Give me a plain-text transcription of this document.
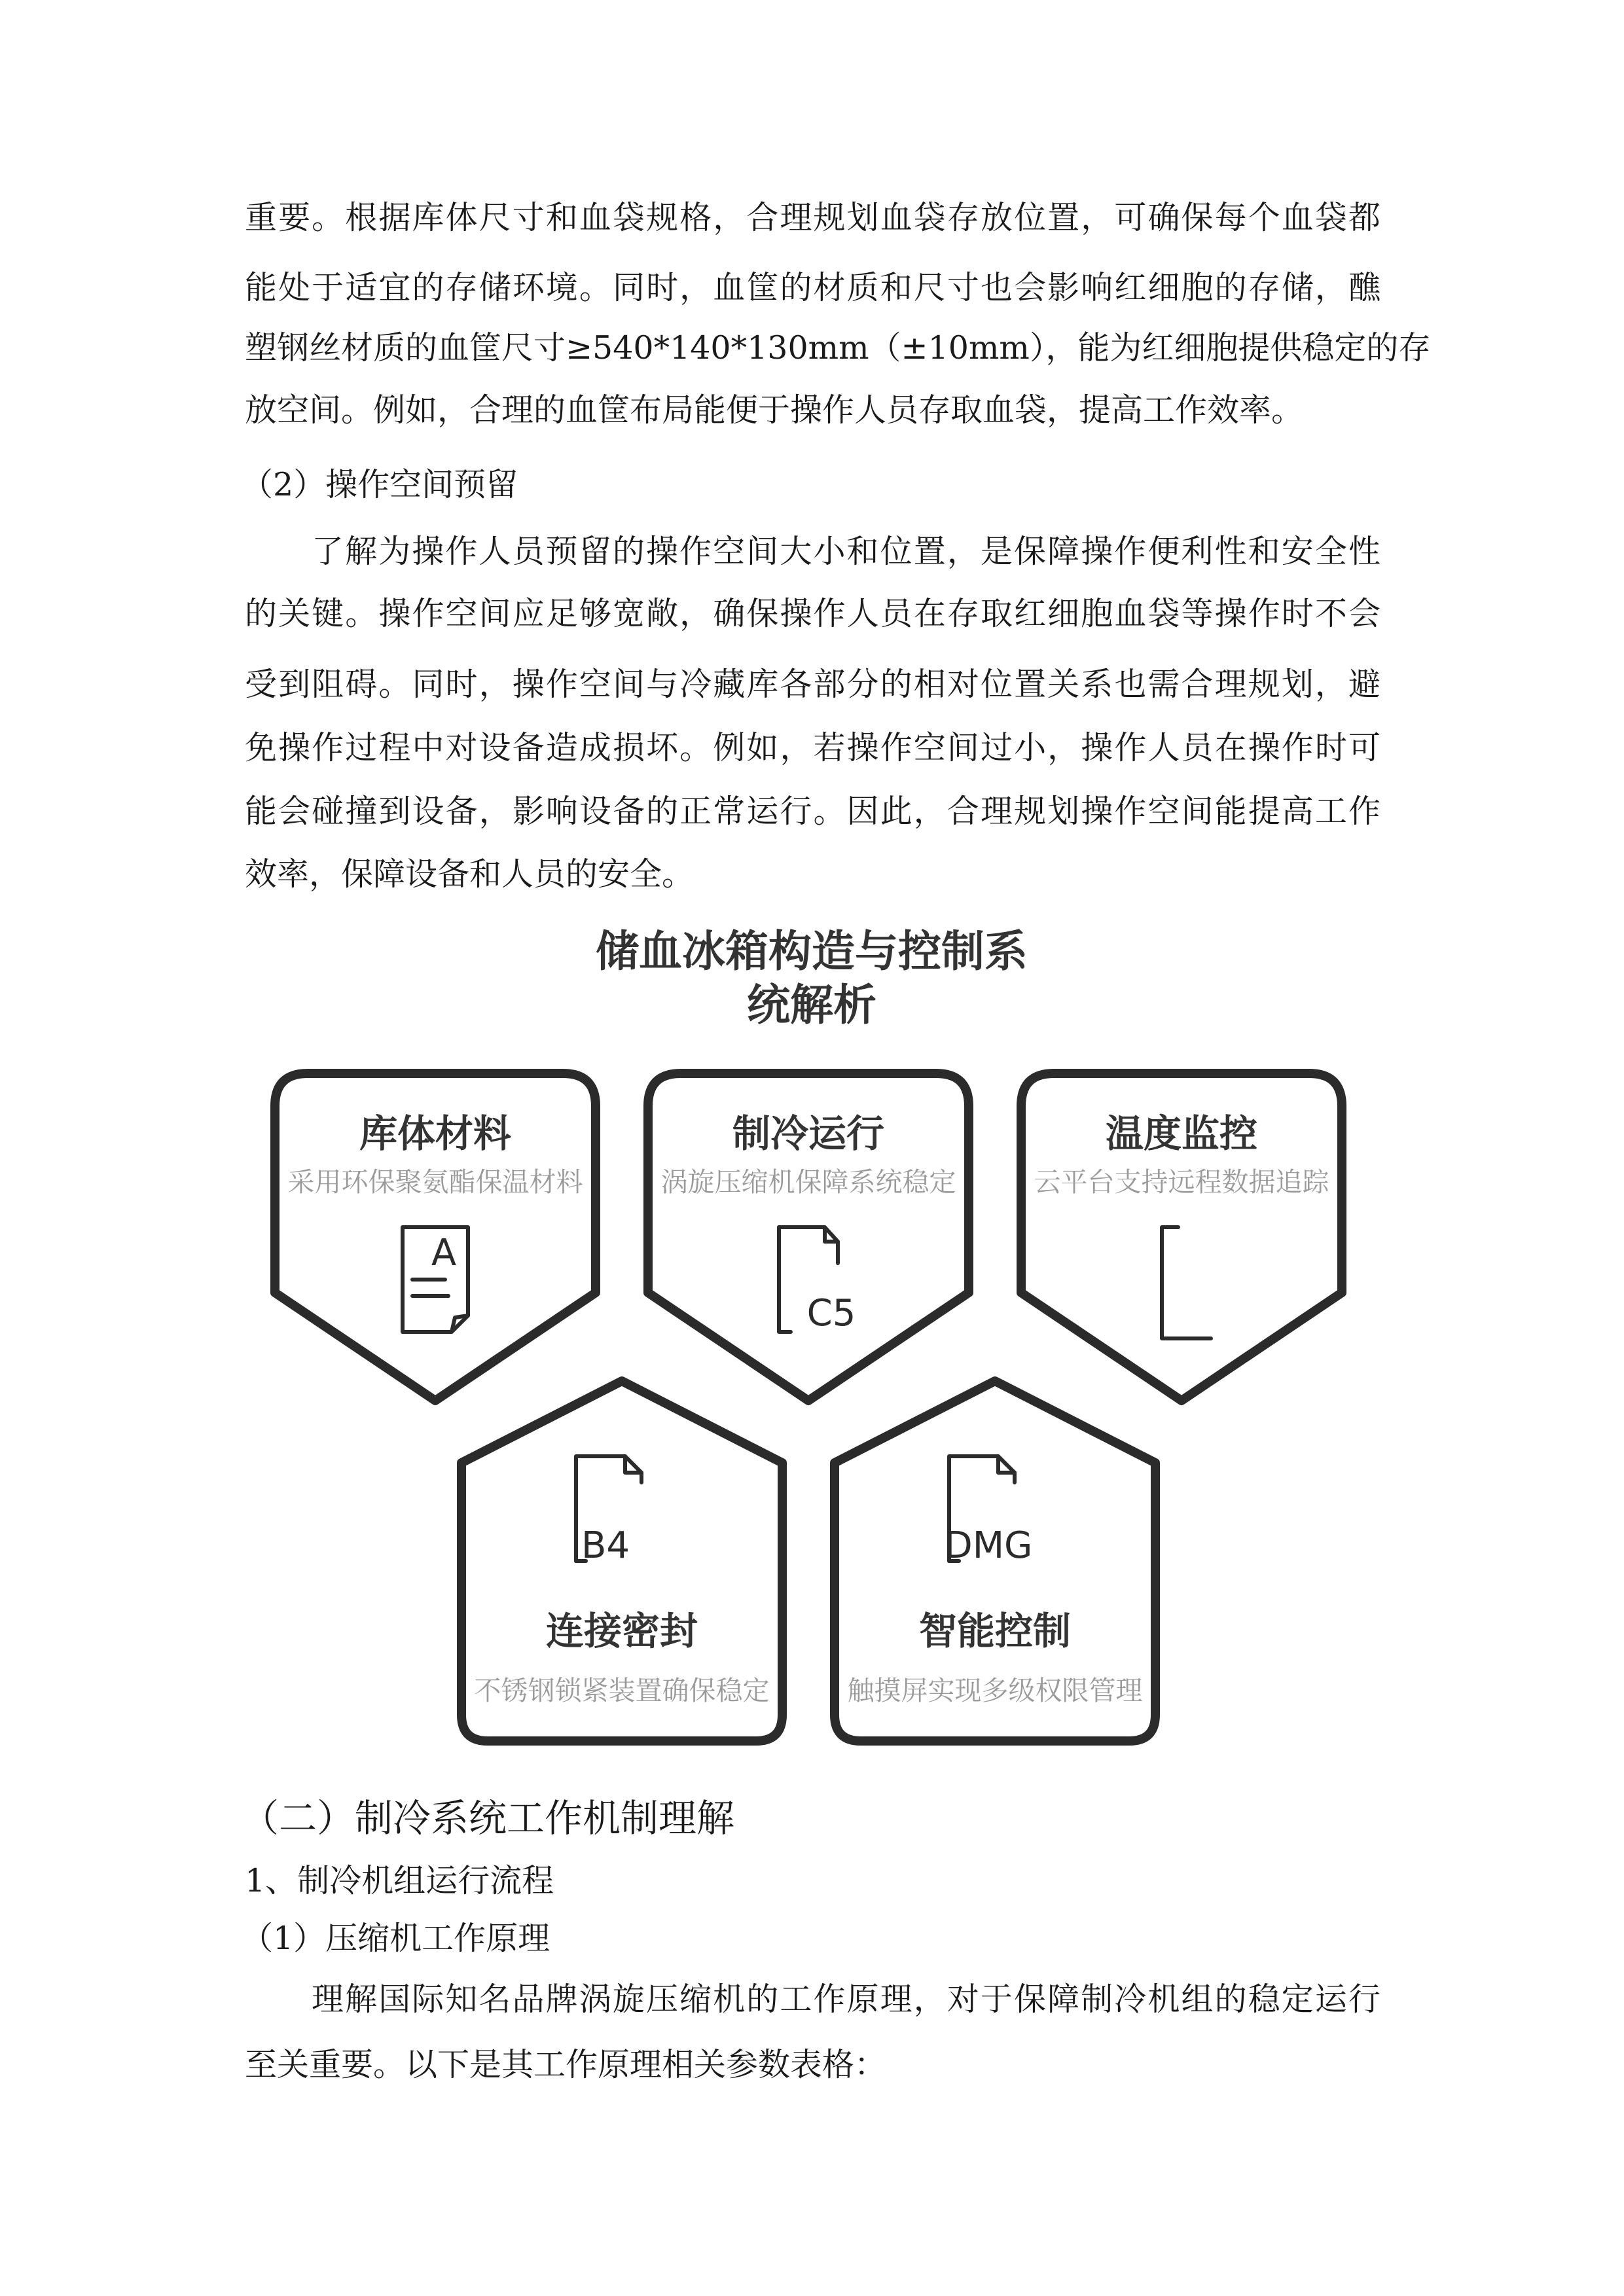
重要。根据库体尺寸和血袋规格，合理规划血袋存放位置，可确保每个血袋都

能处于适宜的存储环境。同时，血筐的材质和尺寸也会影响红细胞的存储，醮

塑钢丝材质的血筐尺寸≥540*140*130mm（±10mm），能为红细胞提供稳定的存

放空间。例如，合理的血筐布局能便于操作人员存取血袋，提高工作效率。

（2）操作空间预留

了解为操作人员预留的操作空间大小和位置，是保障操作便利性和安全性

的关键。操作空间应足够宽敞，确保操作人员在存取红细胞血袋等操作时不会

受到阻碍。同时，操作空间与冷藏库各部分的相对位置关系也需合理规划，避

免操作过程中对设备造成损坏。例如，若操作空间过小，操作人员在操作时可

能会碰撞到设备，影响设备的正常运行。因此，合理规划操作空间能提高工作

效率，保障设备和人员的安全。

A
C5
B4	DMG
储血冰箱构造与控制系
统解析
库体材料
采用环保聚氨酯保温材料
制冷运行
涡旋压缩机保障系统稳定
温度监控
云平台支持远程数据追踪
连接密封
不锈钢锁紧装置确保稳定
智能控制
触摸屏实现多级权限管理

（二）制冷系统工作机制理解

1、制冷机组运行流程

（1）压缩机工作原理

理解国际知名品牌涡旋压缩机的工作原理，对于保障制冷机组的稳定运行

至关重要。以下是其工作原理相关参数表格：
